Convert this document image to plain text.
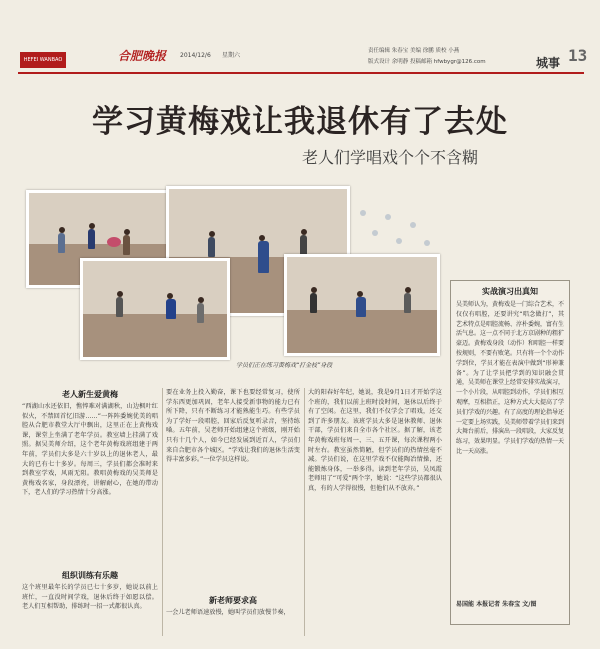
HEFEI WANBAO	合肥晚报 2014/12/6 星期六
责任编辑 朱春宝 美编 徐鹏 质校 小燕
版式设计 余明静 投稿邮箱 hfwbygr@126.com	城事 13
学习黄梅戏让我退休有了去处
老人们学唱戏个个不含糊
学员们正在练习黄梅戏“打金枝”身段
实战演习出真知
吴美师认为，黄梅戏是一门综合艺术，不仅仅有唱腔，还要讲究“唱念做打”，其艺术特点是唱腔流畅、淳朴委婉，富有生活气息。这一点不同于北方京剧种的粗犷豪迈。黄梅戏身段（动作）和唱腔一样要按规则，不要有败笔。只有将一个个动作学到位，学员才能在表演中做到“形神兼备”。为了让学员把学到的知识融会贯通，吴美师在课堂上经常安排实战演习，一个小片段，从唱腔到动作，学员们相互观摩，互相指正，这种方式大大提高了学员们学戏的兴趣。有了高度的理论指导还一定要上场实践，吴美师带着学员们来到大舞台前后，排演出一段唱段，大家反复练习，效果明显。学员们学戏的热情一天比一天高涨。
易国能 本报记者 朱春宝 文/图
老人新生爱黄梅
“西湖山水还依旧，憔悴难对满湖秋，山边枫叶红似火，不禁回首忆旧游……”一阵阵委婉优美的唱腔从合肥市教堂大厅中飘出，这里正在上黄梅戏课，课堂上坐满了老年学员。教室墙上挂满了戏照。据吴美师介绍，这个老年黄梅戏班组建于两年前，学员们大多是六十岁以上的退休老人，最大的已有七十多岁。每周三，学员们都会准时来到教室学戏，风雨无阻。教唱黄梅戏的吴美师是黄梅戏名家，身段漂亮，讲解耐心，在她的带动下，老人们的学习热情十分高涨。
组织训练有乐趣
这个班里最年长的学员已七十多岁，她说以前上班忙，一直没时间学戏，退休后终于如愿以偿。老人们互相帮助，排练时一招一式都很认真。
要在业务上投入勤奋，课下也要经常复习，使所学东西更加巩固，老年人接受新事物的能力已有所下降，只有不断练习才能熟能生巧。有些学员为了学好一段唱腔，回家后反复听录音，坚持练嗓。五年前，吴老师开始组建这个班级，刚开始只有十几个人，如今已经发展到近百人，学员们来自合肥市各个城区。“学戏让我们的退休生活变得丰富多彩。”一位学员这样说。
新老师要求高
一会儿老师语速放慢，她叫学员们放慢节奏，
大的阳春好年纪，她说，我是9月1日才开始学这个班的，我们以前上班时没时间，退休以后终于有了空闲。在这里，我们不仅学会了唱戏，还交到了许多朋友。该班学员大多是退休教师、退休干部，学员们来自全市各个社区。据了解，该老年黄梅戏班每周一、三、五开课，每次课程两小时左右。教室虽然简陋，但学员们的热情丝毫不减。学员们说，在这里学戏不仅能陶冶情操，还能锻炼身体，一举多得。读到老年学员，吴凤霞老师用了“可爱”两个字，她说：“这些学员都很认真，有的人学得很慢，但他们从不放弃。”
